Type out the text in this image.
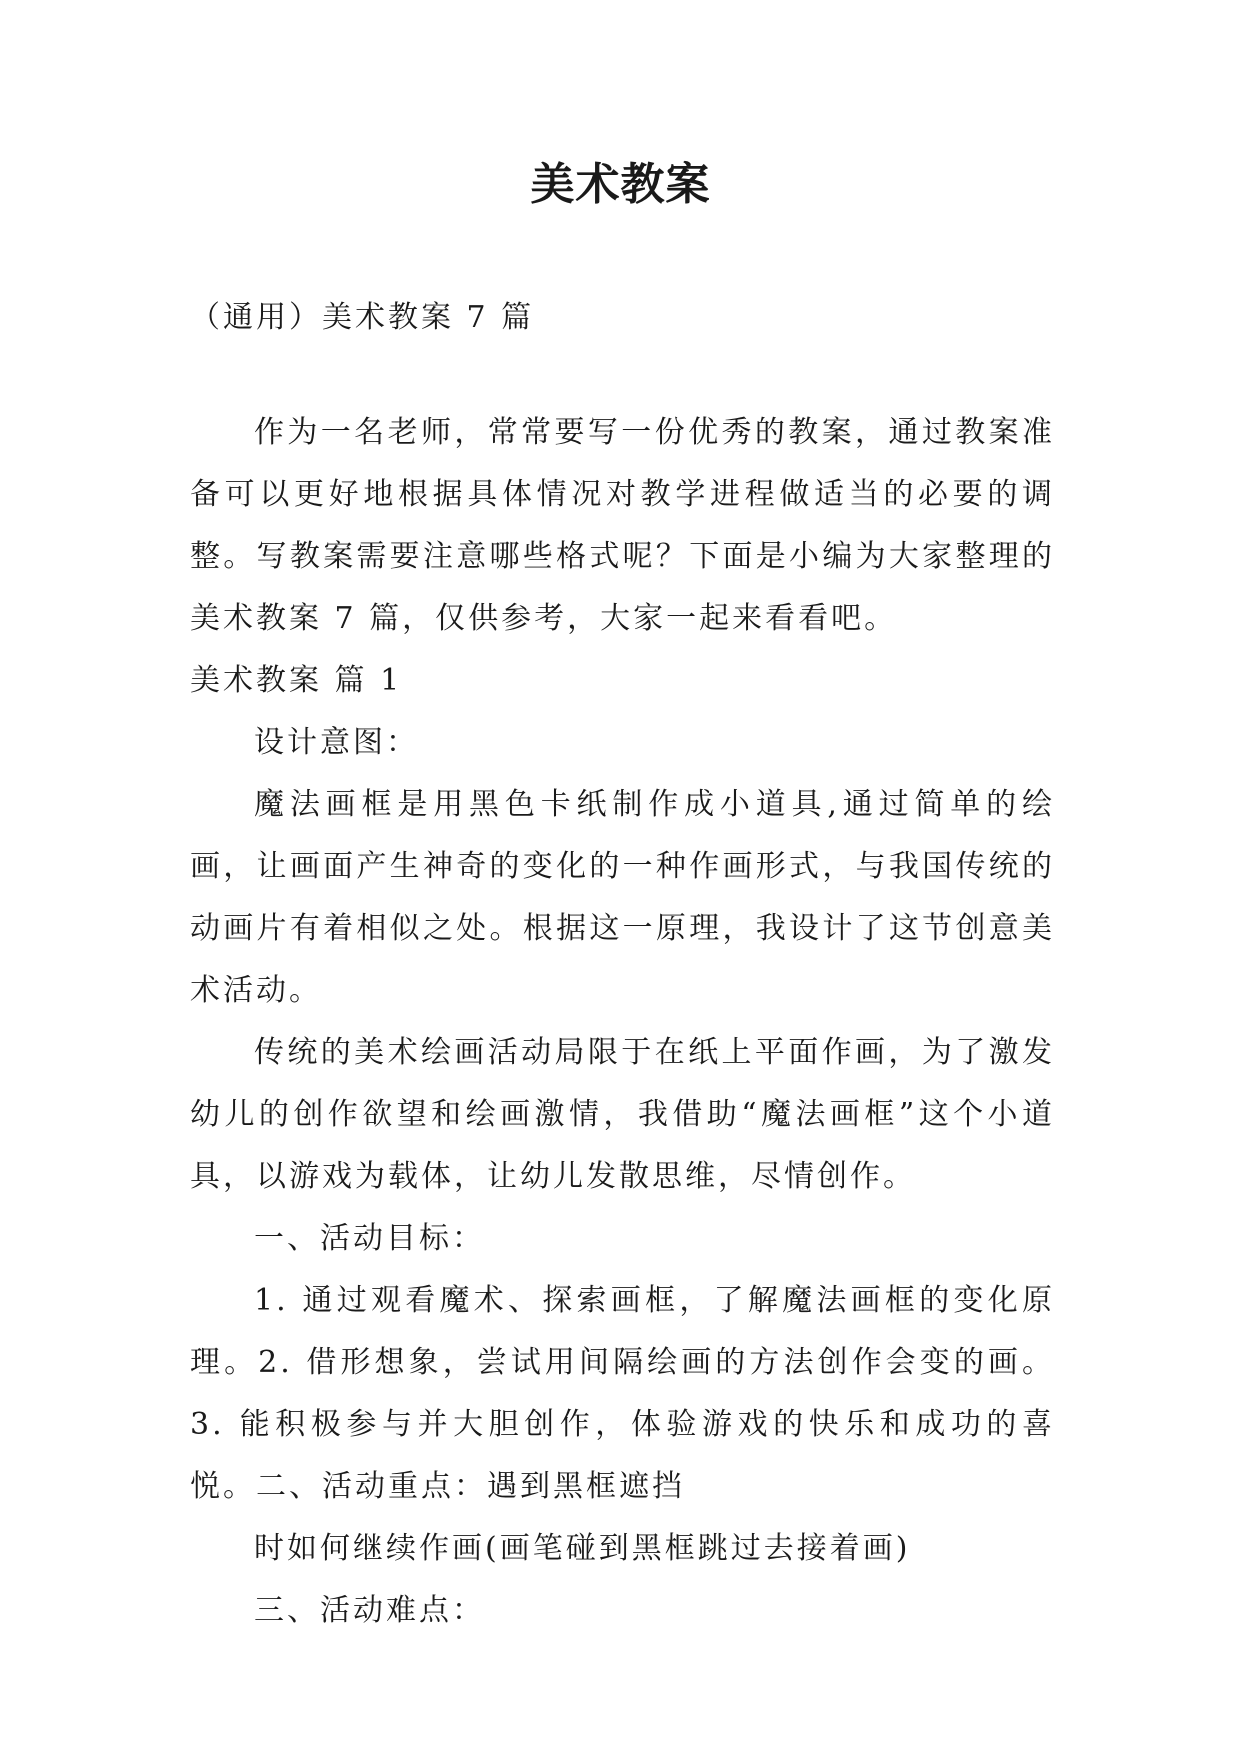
美术教案
（通用）美术教案 7 篇

作为一名老师，常常要写一份优秀的教案，通过教案准备可以更好地根据具体情况对教学进程做适当的必要的调整。写教案需要注意哪些格式呢？下面是小编为大家整理的美术教案 7 篇，仅供参考，大家一起来看看吧。

美术教案 篇 1

设计意图：

魔法画框是用黑色卡纸制作成小道具,通过简单的绘画，让画面产生神奇的变化的一种作画形式，与我国传统的动画片有着相似之处。根据这一原理，我设计了这节创意美术活动。

传统的美术绘画活动局限于在纸上平面作画，为了激发幼儿的创作欲望和绘画激情，我借助“魔法画框”这个小道具，以游戏为载体，让幼儿发散思维，尽情创作。

一、活动目标：

1. 通过观看魔术、探索画框，了解魔法画框的变化原理。2. 借形想象，尝试用间隔绘画的方法创作会变的画。3. 能积极参与并大胆创作，体验游戏的快乐和成功的喜悦。二、活动重点：遇到黑框遮挡

时如何继续作画(画笔碰到黑框跳过去接着画)

三、活动难点：
